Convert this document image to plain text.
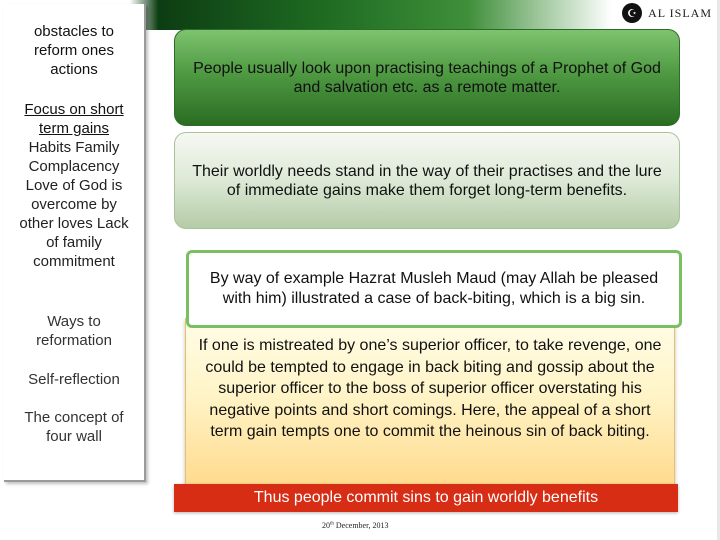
obstacles to reform ones actions
Focus on short term gains
Habits Family Complacency Love of God is overcome by other loves Lack of family commitment
Ways to reformation
Self-reflection
The concept of four wall
☪ AL ISLAM

People usually look upon practising teachings of a Prophet of God and salvation etc. as a remote matter.

Their worldly needs stand in the way of their practises and the lure of immediate gains make them forget long-term benefits.

If one is mistreated by one’s superior officer, to take revenge, one could be tempted to engage in back biting and gossip about the superior officer to the boss of superior officer overstating his negative points and short comings. Here, the appeal of a short term gain tempts one to commit the heinous sin of back biting.

By way of example Hazrat Musleh Maud (may Allah be pleased with him) illustrated a case of back-biting, which is a big sin.

Thus people commit sins to gain worldly benefits
20th December, 2013
